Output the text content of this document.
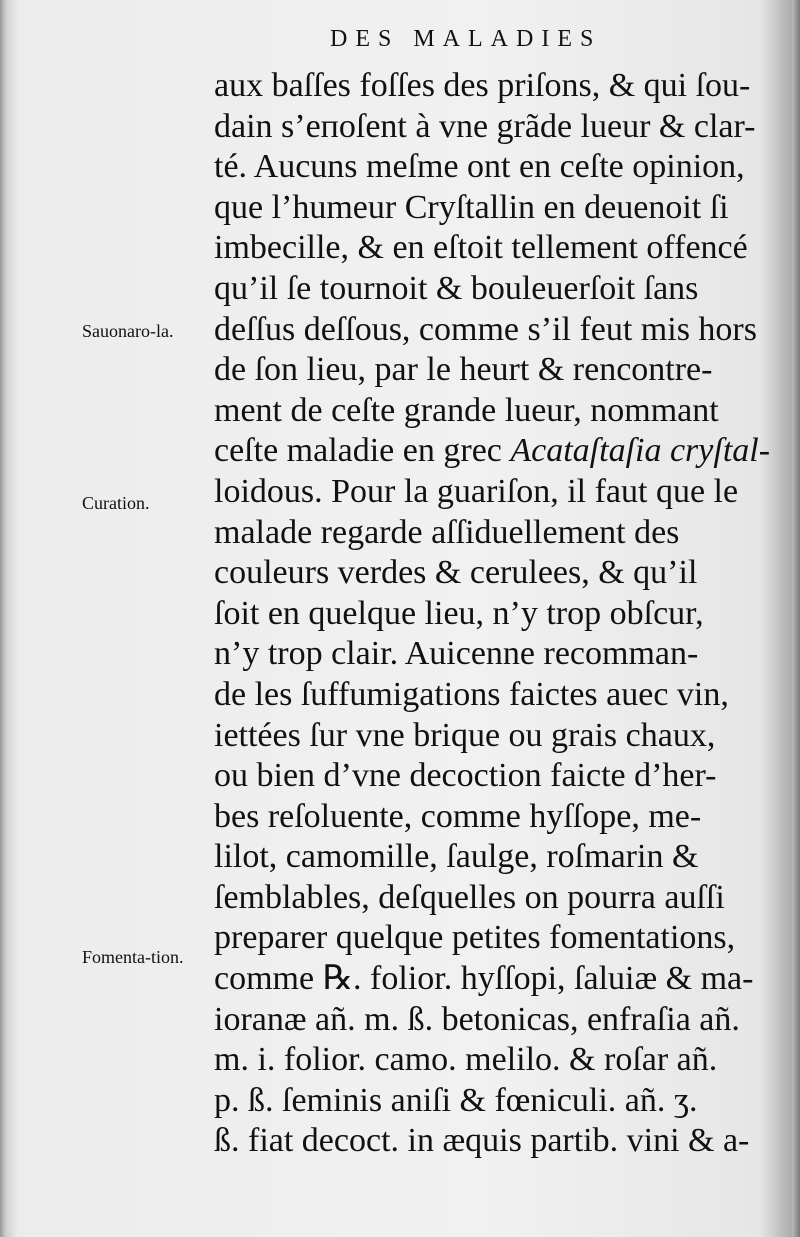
DES MALADIES
Sauonaro-la.
Curation.
Fomenta-tion.
aux baſſes foſſes des priſons, & qui ſou-
dain s’eпoſent à vne grãde lueur & clar-
té. Aucuns meſme ont en ceſte opinion,
que l’humeur Cryſtallin en deuenoit ſi
imbecille, & en eſtoit tellement offencé
qu’il ſe tournoit & bouleuerſoit ſans
deſſus deſſous, comme s’il feut mis hors
de ſon lieu, par le heurt & rencontre-
ment de ceſte grande lueur, nommant
ceſte maladie en grec Acataſtaſia cryſtal-
loidous. Pour la guariſon, il faut que le
malade regarde aſſiduellement des
couleurs verdes & cerulees, & qu’il
ſoit en quelque lieu, n’y trop obſcur,
n’y trop clair. Auicenne recomman-
de les ſuffumigations faictes auec vin,
iettées ſur vne brique ou grais chaux,
ou bien d’vne decoction faicte d’her-
bes reſoluente, comme hyſſope, me-
lilot, camomille, ſaulge, roſmarin &
ſemblables, deſquelles on pourra auſſi
preparer quelque petites fomentations,
comme ℞. folior. hyſſopi, ſaluiæ & ma-
ioranæ añ. m. ß. betonicas, enfraſia añ.
m. i. folior. camo. melilo. & roſar añ.
p. ß. ſeminis aniſi & fœniculi. añ. ʒ.
ß. fiat decoct. in æquis partib. vini & a-
